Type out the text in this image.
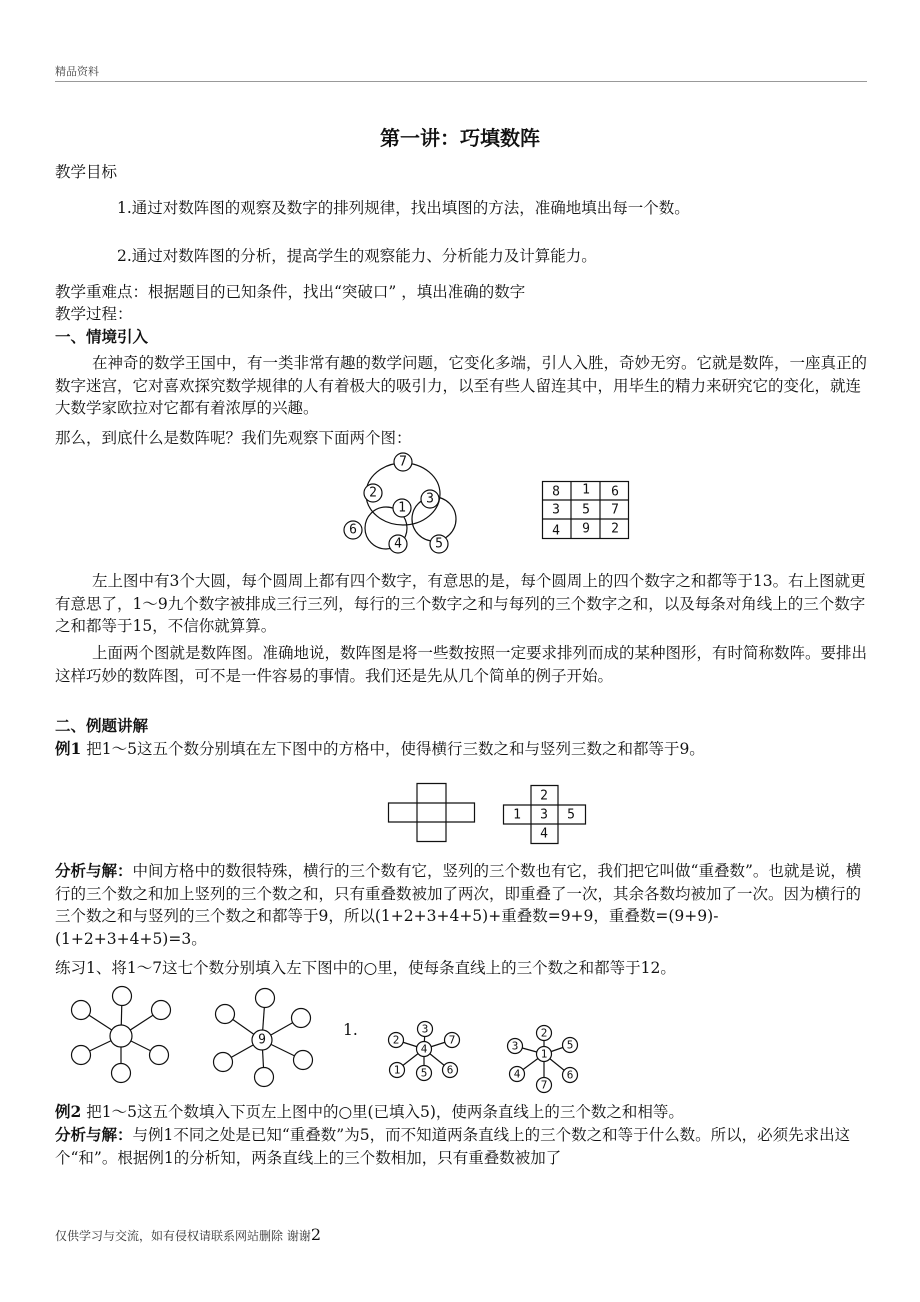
精品资料
第一讲：巧填数阵
教学目标
1.通过对数阵图的观察及数字的排列规律，找出填图的方法，准确地填出每一个数。
2.通过对数阵图的分析，提高学生的观察能力、分析能力及计算能力。
教学重难点：根据题目的已知条件，找出“突破口” ，填出准确的数字
教学过程：
一、情境引入
在神奇的数学王国中，有一类非常有趣的数学问题，它变化多端，引人入胜，奇妙无穷。它就是数阵，一座真正的数字迷宫，它对喜欢探究数学规律的人有着极大的吸引力，以至有些人留连其中，用毕生的精力来研究它的变化，就连大数学家欧拉对它都有着浓厚的兴趣。
那么，到底什么是数阵呢？我们先观察下面两个图：
7
2	3
1
6
4	5
8 1 6
3 5 7
4 9 2
左上图中有3个大圆，每个圆周上都有四个数字，有意思的是，每个圆周上的四个数字之和都等于13。右上图就更有意思了，1～9九个数字被排成三行三列，每行的三个数字之和与每列的三个数字之和，以及每条对角线上的三个数字之和都等于15，不信你就算算。
上面两个图就是数阵图。准确地说，数阵图是将一些数按照一定要求排列而成的某种图形，有时简称数阵。要排出这样巧妙的数阵图，可不是一件容易的事情。我们还是先从几个简单的例子开始。
二、例题讲解
例1 把1～5这五个数分别填在左下图中的方格中，使得横行三数之和与竖列三数之和都等于9。
2
1 3 5
4
分析与解：中间方格中的数很特殊，横行的三个数有它，竖列的三个数也有它，我们把它叫做“重叠数”。也就是说，横行的三个数之和加上竖列的三个数之和，只有重叠数被加了两次，即重叠了一次，其余各数均被加了一次。因为横行的三个数之和与竖列的三个数之和都等于9，所以(1+2+3+4+5)+重叠数=9+9，重叠数=(9+9)-(1+2+3+4+5)=3。
练习1、将1～7这七个数分别填入左下图中的○里，使每条直线上的三个数之和都等于12。
9
1.	3
2	7
4
1	6
5
2
3	5
1
4	6
7
例2 把1～5这五个数填入下页左上图中的○里(已填入5)，使两条直线上的三个数之和相等。
分析与解：与例1不同之处是已知“重叠数”为5，而不知道两条直线上的三个数之和等于什么数。所以，必须先求出这个“和”。根据例1的分析知，两条直线上的三个数相加，只有重叠数被加了
仅供学习与交流，如有侵权请联系网站删除 谢谢2
